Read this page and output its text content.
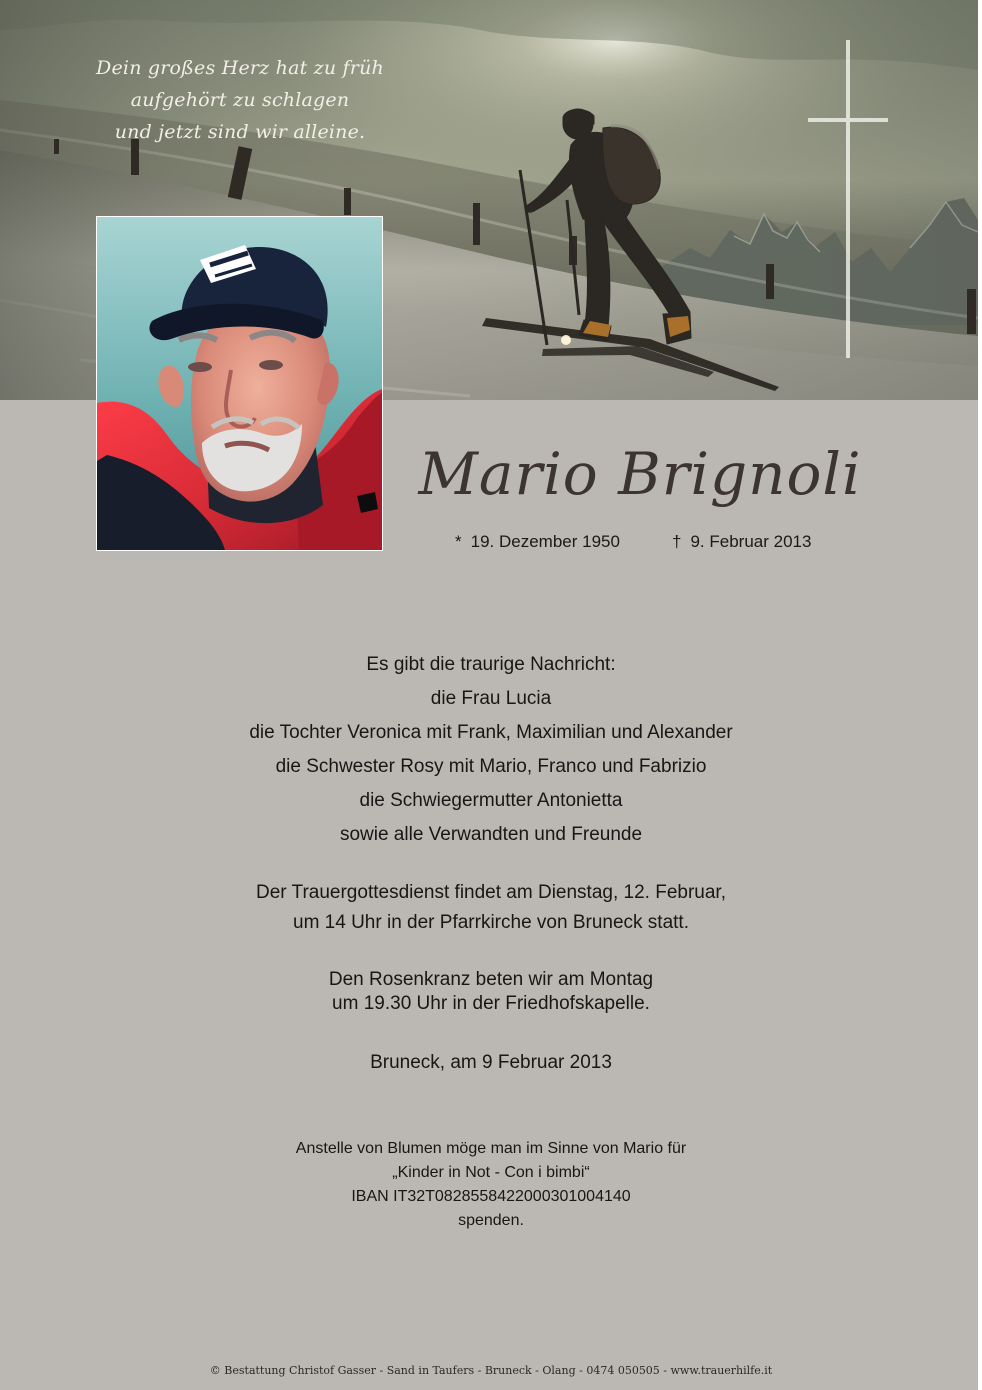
Dein großes Herz hat zu früh
aufgehört zu schlagen
und jetzt sind wir alleine.
Mario Brignoli
* 19. Dezember 1950	† 9. Februar 2013
Es gibt die traurige Nachricht:
die Frau Lucia
die Tochter Veronica mit Frank, Maximilian und Alexander
die Schwester Rosy mit Mario, Franco und Fabrizio
die Schwiegermutter Antonietta
sowie alle Verwandten und Freunde
Der Trauergottesdienst findet am Dienstag, 12. Februar,
um 14 Uhr in der Pfarrkirche von Bruneck statt.
Den Rosenkranz beten wir am Montag
um 19.30 Uhr in der Friedhofskapelle.
Bruneck, am 9 Februar 2013
Anstelle von Blumen möge man im Sinne von Mario für
„Kinder in Not - Con i bimbi“
IBAN IT32T0828558422000301004140
spenden.
© Bestattung Christof Gasser - Sand in Taufers - Bruneck - Olang - 0474 050505 - www.trauerhilfe.it
